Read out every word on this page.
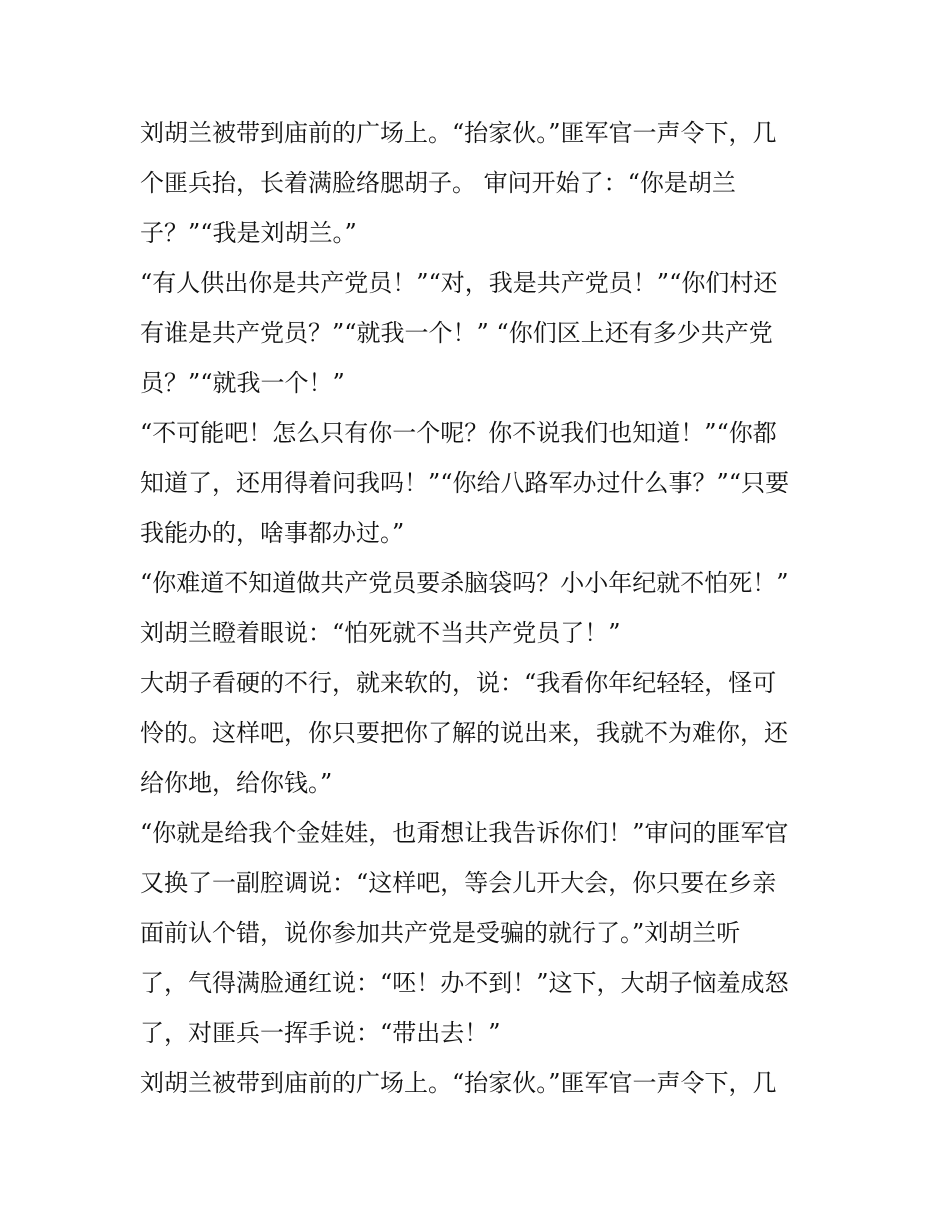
刘胡兰被带到庙前的广场上。“抬家伙。”匪军官一声令下，几
个匪兵抬，长着满脸络腮胡子。 审问开始了：“你是胡兰
子？”“我是刘胡兰。”
“有人供出你是共产党员！”“对，我是共产党员！”“你们村还
有谁是共产党员？”“就我一个！” “你们区上还有多少共产党
员？”“就我一个！”
“不可能吧！怎么只有你一个呢？你不说我们也知道！”“你都
知道了，还用得着问我吗！”“你给八路军办过什么事？”“只要
我能办的，啥事都办过。”
“你难道不知道做共产党员要杀脑袋吗？小小年纪就不怕死！”
刘胡兰瞪着眼说：“怕死就不当共产党员了！”
大胡子看硬的不行，就来软的，说：“我看你年纪轻轻，怪可
怜的。这样吧，你只要把你了解的说出来，我就不为难你，还
给你地，给你钱。”
“你就是给我个金娃娃，也甭想让我告诉你们！”审问的匪军官
又换了一副腔调说：“这样吧，等会儿开大会，你只要在乡亲
面前认个错，说你参加共产党是受骗的就行了。”刘胡兰听
了，气得满脸通红说：“呸！办不到！”这下，大胡子恼羞成怒
了，对匪兵一挥手说：“带出去！”
刘胡兰被带到庙前的广场上。“抬家伙。”匪军官一声令下，几
